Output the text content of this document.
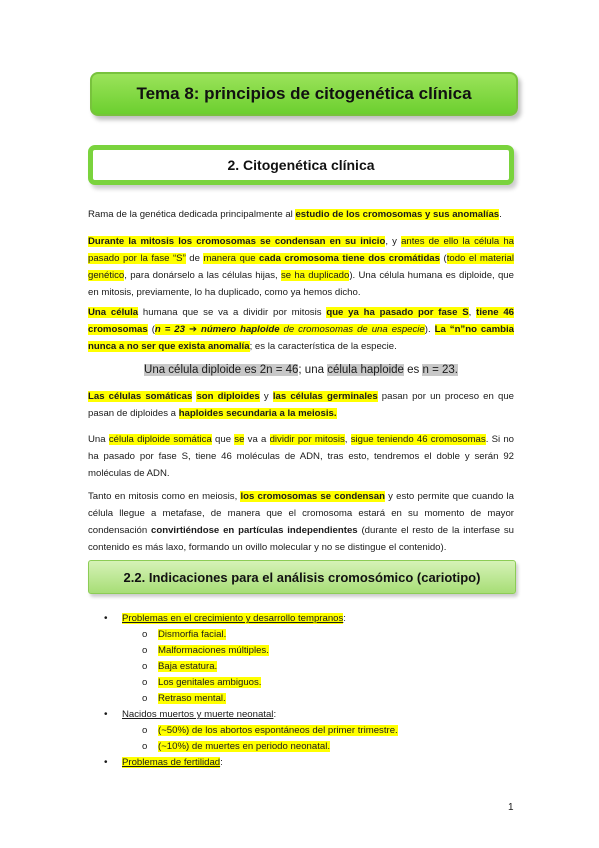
Tema 8: principios de citogenética clínica
2. Citogenética clínica
Rama de la genética dedicada principalmente al estudio de los cromosomas y sus anomalías.
Durante la mitosis los cromosomas se condensan en su inicio, y antes de ello la célula ha pasado por la fase “S” de manera que cada cromosoma tiene dos cromátidas (todo el material genético, para donárselo a las células hijas, se ha duplicado). Una célula humana es diploide, que en mitosis, previamente, lo ha duplicado, como ya hemos dicho.
Una célula humana que se va a dividir por mitosis que ya ha pasado por fase S, tiene 46 cromosomas (n = 23 ➔ número haploide de cromosomas de una especie). La “n”no cambia nunca a no ser que exista anomalía; es la característica de la especie.
Una célula diploide es 2n = 46; una célula haploide es n = 23.
Las células somáticas son diploides y las células germinales pasan por un proceso en que pasan de diploides a haploides secundaria a la meiosis.
Una célula diploide somática que se va a dividir por mitosis, sigue teniendo 46 cromosomas. Si no ha pasado por fase S, tiene 46 moléculas de ADN, tras esto, tendremos el doble y serán 92 moléculas de ADN.
Tanto en mitosis como en meiosis, los cromosomas se condensan y esto permite que cuando la célula llegue a metafase, de manera que el cromosoma estará en su momento de mayor condensación convirtiéndose en partículas independientes (durante el resto de la interfase su contenido es más laxo, formando un ovillo molecular y no se distingue el contenido).
2.2. Indicaciones para el análisis cromosómico (cariotipo)
• Problemas en el crecimiento y desarrollo tempranos:
o Dismorfia facial.
o Malformaciones múltiples.
o Baja estatura.
o Los genitales ambiguos.
o Retraso mental.
• Nacidos muertos y muerte neonatal:
o (~50%) de los abortos espontáneos del primer trimestre.
o (~10%) de muertes en periodo neonatal.
• Problemas de fertilidad:
1
